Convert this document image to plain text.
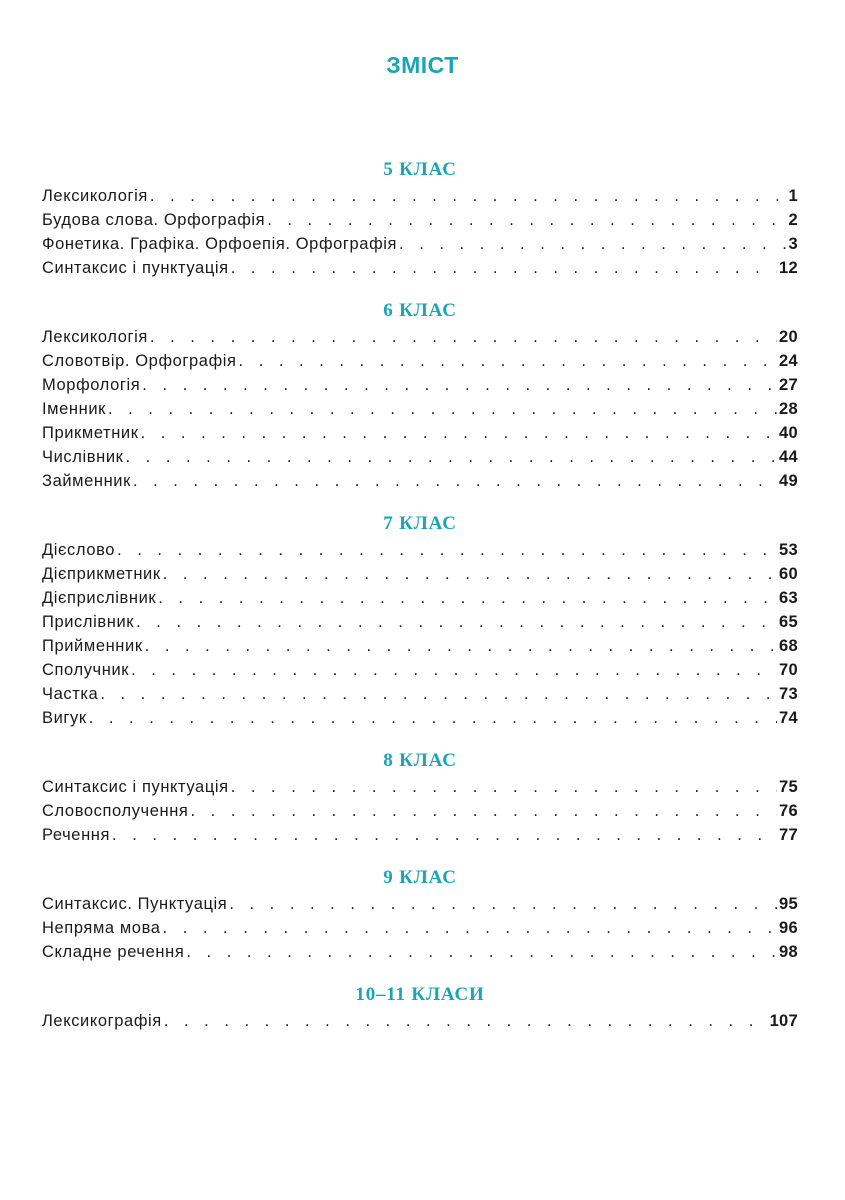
ЗМІСТ
5 КЛАС
Лексикологія . . .	1
Будова слова. Орфографія . . .	2
Фонетика. Графіка. Орфоепія. Орфографія . . .	3
Синтаксис і пунктуація . . .	12
6 КЛАС
Лексикологія . . .	20
Словотвір. Орфографія . . .	24
Морфологія . . .	27
Іменник . . .	28
Прикметник . . .	40
Числівник . . .	44
Займенник . . .	49
7 КЛАС
Дієслово . . .	53
Дієприкметник . . .	60
Дієприслівник . . .	63
Прислівник . . .	65
Прийменник . . .	68
Сполучник . . .	70
Частка . . .	73
Вигук . . .	74
8 КЛАС
Синтаксис і пунктуація . . .	75
Словосполучення . . .	76
Речення . . .	77
9 КЛАС
Синтаксис. Пунктуація . . .	95
Непряма мова . . .	96
Складне речення . . .	98
10–11 КЛАСИ
Лексикографія . . .	107
